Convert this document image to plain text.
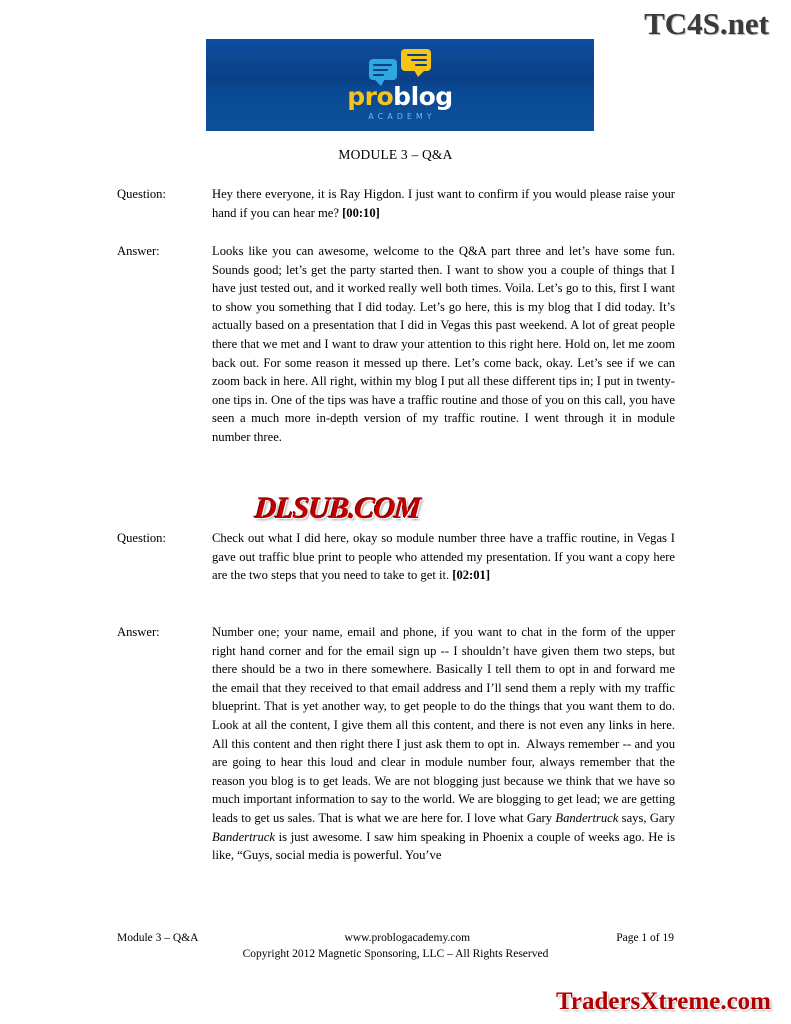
TC4S.net
problog
ACADEMY
MODULE 3 – Q&A
Question:	Hey there everyone, it is Ray Higdon. I just want to confirm if you would please raise your hand if you can hear me? [00:10]
Answer:	Looks like you can awesome, welcome to the Q&A part three and let’s have some fun. Sounds good; let’s get the party started then. I want to show you a couple of things that I have just tested out, and it worked really well both times. Voila. Let’s go to this, first I want to show you something that I did today. Let’s go here, this is my blog that I did today. It’s actually based on a presentation that I did in Vegas this past weekend. A lot of great people there that we met and I want to draw your attention to this right here. Hold on, let me zoom back out. For some reason it messed up there. Let’s come back, okay. Let’s see if we can zoom back in here. All right, within my blog I put all these different tips in; I put in twenty-one tips in. One of the tips was have a traffic routine and those of you on this call, you have seen a much more in-depth version of my traffic routine. I went through it in module number three.
DLSUB.COM
Question:	Check out what I did here, okay so module number three have a traffic routine, in Vegas I gave out traffic blue print to people who attended my presentation. If you want a copy here are the two steps that you need to take to get it. [02:01]
Answer:	Number one; your name, email and phone, if you want to chat in the form of the upper right hand corner and for the email sign up -- I shouldn’t have given them two steps, but there should be a two in there somewhere. Basically I tell them to opt in and forward me the email that they received to that email address and I’ll send them a reply with my traffic blueprint. That is yet another way, to get people to do the things that you want them to do. Look at all the content, I give them all this content, and there is not even any links in here. All this content and then right there I just ask them to opt in.  Always remember -- and you are going to hear this loud and clear in module number four, always remember that the reason you blog is to get leads. We are not blogging just because we think that we have so much important information to say to the world. We are blogging to get lead; we are getting leads to get us sales. That is what we are here for. I love what Gary Bandertruck says, Gary Bandertruck is just awesome. I saw him speaking in Phoenix a couple of weeks ago. He is like, “Guys, social media is powerful. You’ve
Module 3 – Q&A	www.problogacademy.com	Page 1 of 19
Copyright 2012 Magnetic Sponsoring, LLC – All Rights Reserved
TradersXtreme.com
